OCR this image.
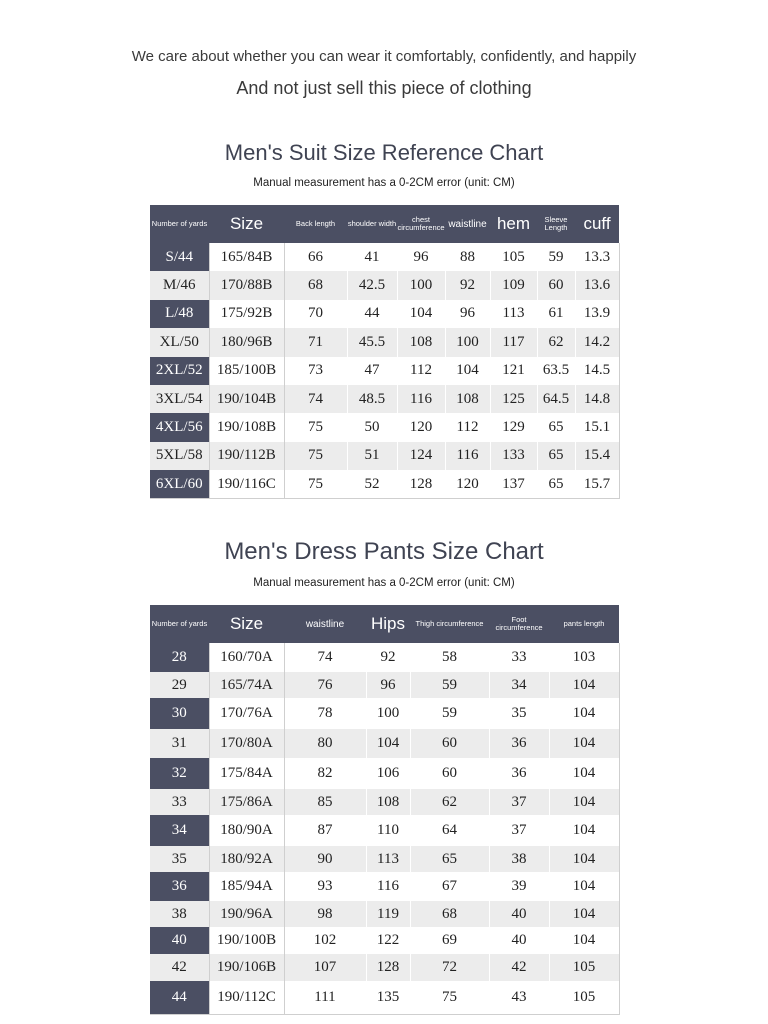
We care about whether you can wear it comfortably, confidently, and happily
And not just sell this piece of clothing
Men's Suit Size Reference Chart
Manual measurement has a 0-2CM error (unit: CM)
Number of yards	Size	Back length	shoulder width	chest circumference	waistline	hem	Sleeve Length	cuff
S/44	165/84B	66	41	96	88	105	59	13.3
M/46	170/88B	68	42.5	100	92	109	60	13.6
L/48	175/92B	70	44	104	96	113	61	13.9
XL/50	180/96B	71	45.5	108	100	117	62	14.2
2XL/52	185/100B	73	47	112	104	121	63.5	14.5
3XL/54	190/104B	74	48.5	116	108	125	64.5	14.8
4XL/56	190/108B	75	50	120	112	129	65	15.1
5XL/58	190/112B	75	51	124	116	133	65	15.4
6XL/60	190/116C	75	52	128	120	137	65	15.7
Men's Dress Pants Size Chart
Manual measurement has a 0-2CM error (unit: CM)
Number of yards	Size	waistline	Hips	Thigh circumference	Foot circumference	pants length
28	160/70A	74	92	58	33	103
29	165/74A	76	96	59	34	104
30	170/76A	78	100	59	35	104
31	170/80A	80	104	60	36	104
32	175/84A	82	106	60	36	104
33	175/86A	85	108	62	37	104
34	180/90A	87	110	64	37	104
35	180/92A	90	113	65	38	104
36	185/94A	93	116	67	39	104
38	190/96A	98	119	68	40	104
40	190/100B	102	122	69	40	104
42	190/106B	107	128	72	42	105
44	190/112C	111	135	75	43	105
